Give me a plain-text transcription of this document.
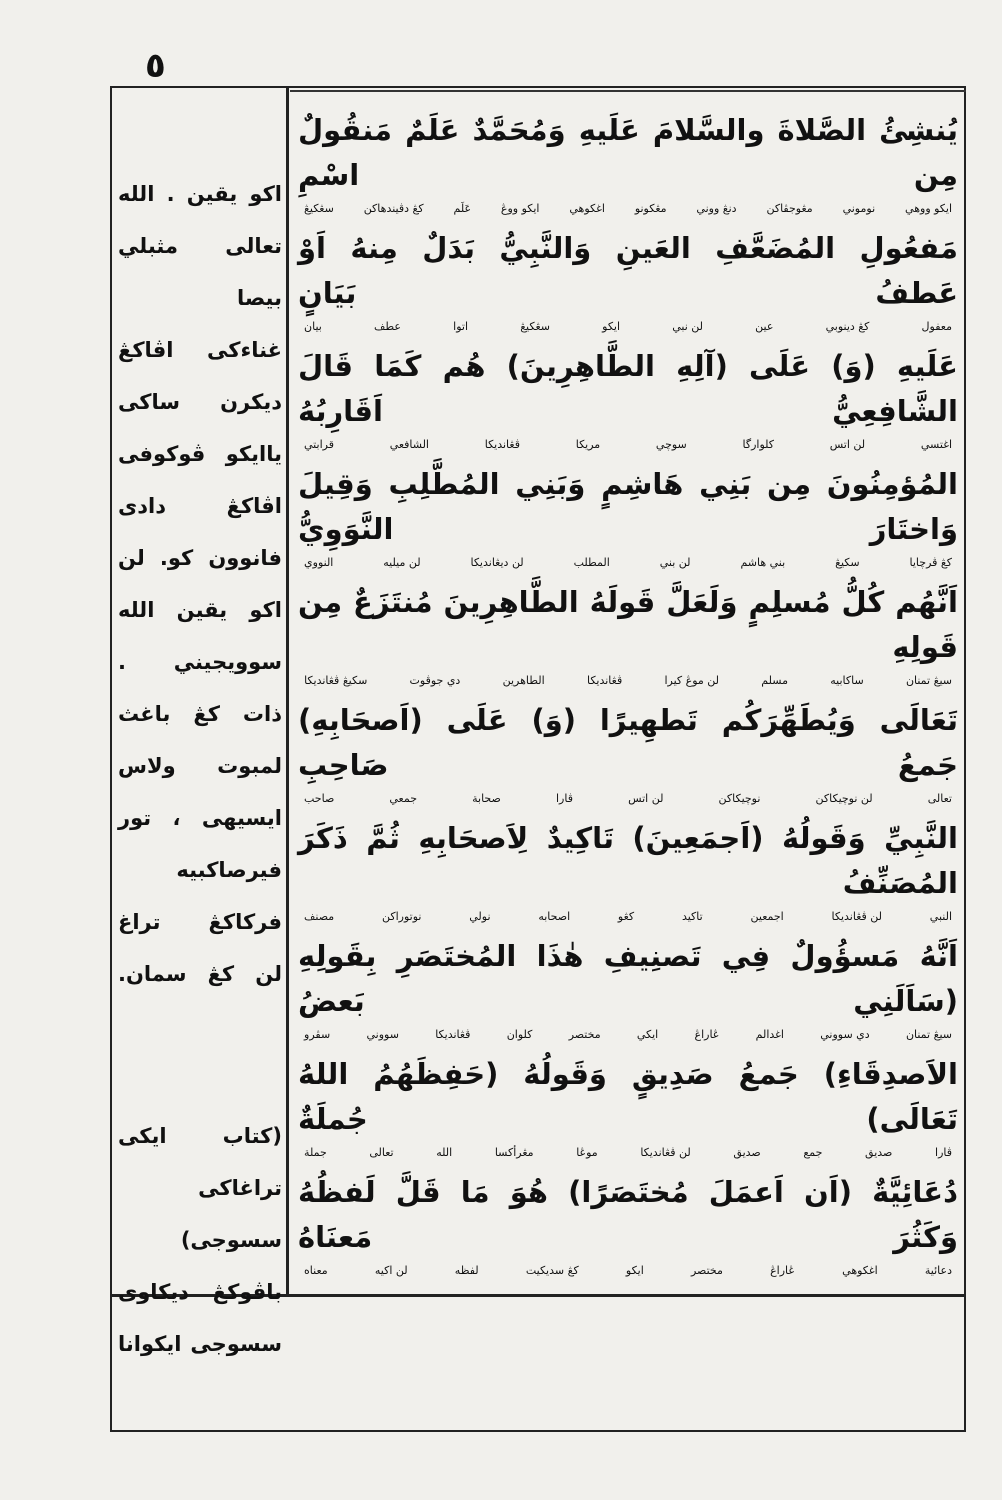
٥
يُنشِئُ الصَّلاةَ والسَّلامَ عَلَيهِ وَمُحَمَّدٌ عَلَمٌ مَنقُولٌ مِن اسْمِ
ايکو ووهي
نوموني
مڠوجڤاكن
دنڠ ووني
مڠكونو
اغكوهي
ايكو ووڠ
عَلَم
كڠ دڤيندهاكن
سڠكيڠ
مَفعُولِ المُضَعَّفِ العَينِ وَالنَّبِيُّ بَدَلٌ مِنهُ اَوْ عَطفُ بَيَانٍ
معفول
كڠ دينوبي
عين
لن نبي
ايكو
سڠكيڠ
اتوا
عطف
بيان
عَلَيهِ (وَ) عَلَى (آلِهِ الطَّاهِرِينَ) هُم كَمَا قَالَ الشَّافِعِيُّ اَقَارِبُهُ
اغتسي
لن اتس
كلوارگا
سوچي
مريكا
ڤڠانديكا
الشافعي
قرابتي
المُؤمِنُونَ مِن بَنِي هَاشِمٍ وَبَنِي المُطَّلِبِ وَقِيلَ وَاختَارَ النَّوَوِيُّ
كڠ ڤرچايا
سكيڠ
بني هاشم
لن بني
المطلب
لن ديڠانديكا
لن ميليه
النووي
اَنَّهُم كُلُّ مُسلِمٍ وَلَعَلَّ قَولَهُ الطَّاهِرِينَ مُنتَزَعٌ مِن قَولِهِ
سيڠ تمنان
ساكابيه
مسلم
لن موڠ كيرا
ڤڠانديكا
الطاهرين
دي جوڤوت
سكيڠ ڤڠانديكا
تَعَالَى وَيُطَهِّرَكُم تَطهِيرًا (وَ) عَلَى (اَصحَابِهِ) جَمعُ صَاحِبِ
تعالى
لن نوچيكاكن
نوچيكاكن
لن اتس
ڤارا
صحابة
جمعي
صاحب
النَّبِيِّ وَقَولُهُ (اَجمَعِينَ) تَاكِيدٌ لِاَصحَابِهِ ثُمَّ ذَكَرَ المُصَنِّفُ
النبي
لن ڤڠانديكا
اجمعين
تاكيد
كڠو
اصحابه
نولي
نوتوراكن
مصنف
اَنَّهُ مَسؤُولٌ فِي تَصنِيفِ هٰذَا المُختَصَرِ بِقَولِهِ (سَاَلَنِي بَعضُ
سيڠ تمنان
دي سووني
اغدالم
ڠاراڠ
ايكي
مختصر
كلوان
ڤڠانديكا
سووني
سڤرو
الاَصدِقَاءِ) جَمعُ صَدِيقٍ وَقَولُهُ (حَفِظَهُمُ اللهُ تَعَالَى) جُملَةٌ
ڤارا
صديق
جمع
صديق
لن ڤڠانديكا
موڠا
مڠرأكسا
الله
تعالى
جملة
دُعَائِيَّةٌ (اَن اَعمَلَ مُختَصَرًا) هُوَ مَا قَلَّ لَفظُهُ وَكَثُرَ مَعنَاهُ
دعائية
اغكوهي
ڠاراڠ
مختصر
ايكو
كڠ سديكيت
لفظه
لن اكيه
معناه
اکو يقين . الله
تعالى مثبلي بيصا
غناءکی اڤاکڠ
دیکرن ساکی
ياايکو ڤوکوفی
اڤاکڠ دادی
فانوون کو. لن
اکو يقين الله
سوويجيني .
ذات کڠ باغث
لمبوت ولاس
ايسيهی ، تور
فيرصاکبيه
فرکاکڠ تراغ
لن کڠ سمان.
(کتاب ايکی
تراغاکی سسوجی)
باڤوکڠ دیکاوی
سسوجی ايکوانا
